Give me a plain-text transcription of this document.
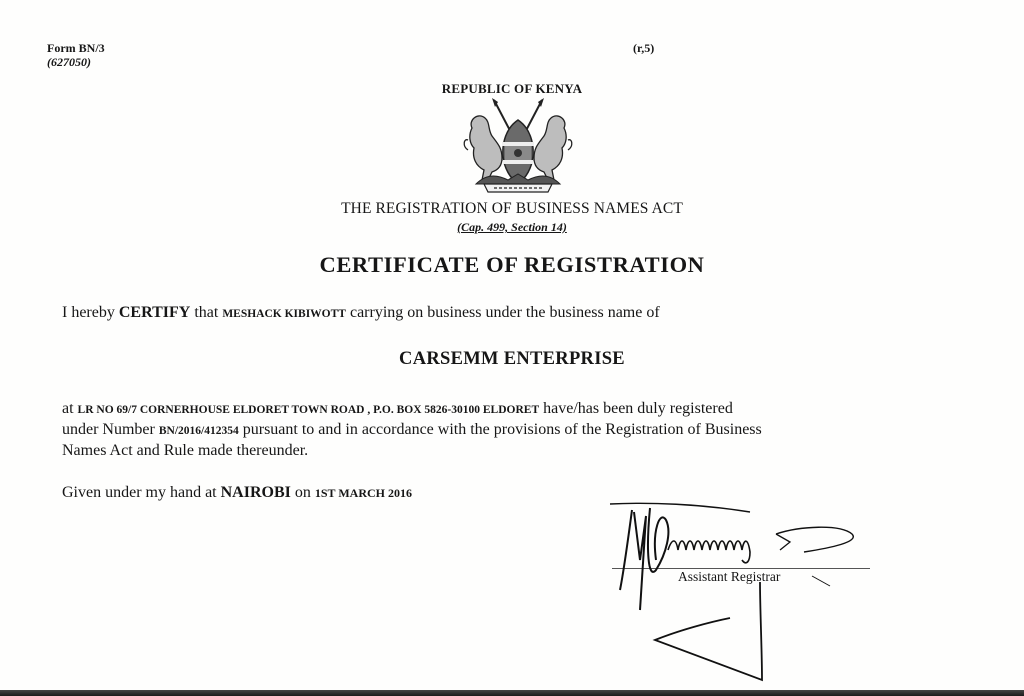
Form BN/3
(627050)
(r,5)
REPUBLIC OF KENYA
THE REGISTRATION OF BUSINESS NAMES ACT
(Cap. 499, Section 14)
CERTIFICATE OF REGISTRATION
I hereby CERTIFY that MESHACK KIBIWOTT carrying on business under the business name of
CARSEMM ENTERPRISE
at LR NO 69/7 CORNERHOUSE ELDORET TOWN ROAD , P.O. BOX 5826-30100 ELDORET have/has been duly registered
under Number BN/2016/412354 pursuant to and in accordance with the provisions of the Registration of Business
Names Act and Rule made thereunder.
Given under my hand at NAIROBI on 1ST MARCH 2016
Assistant Registrar
